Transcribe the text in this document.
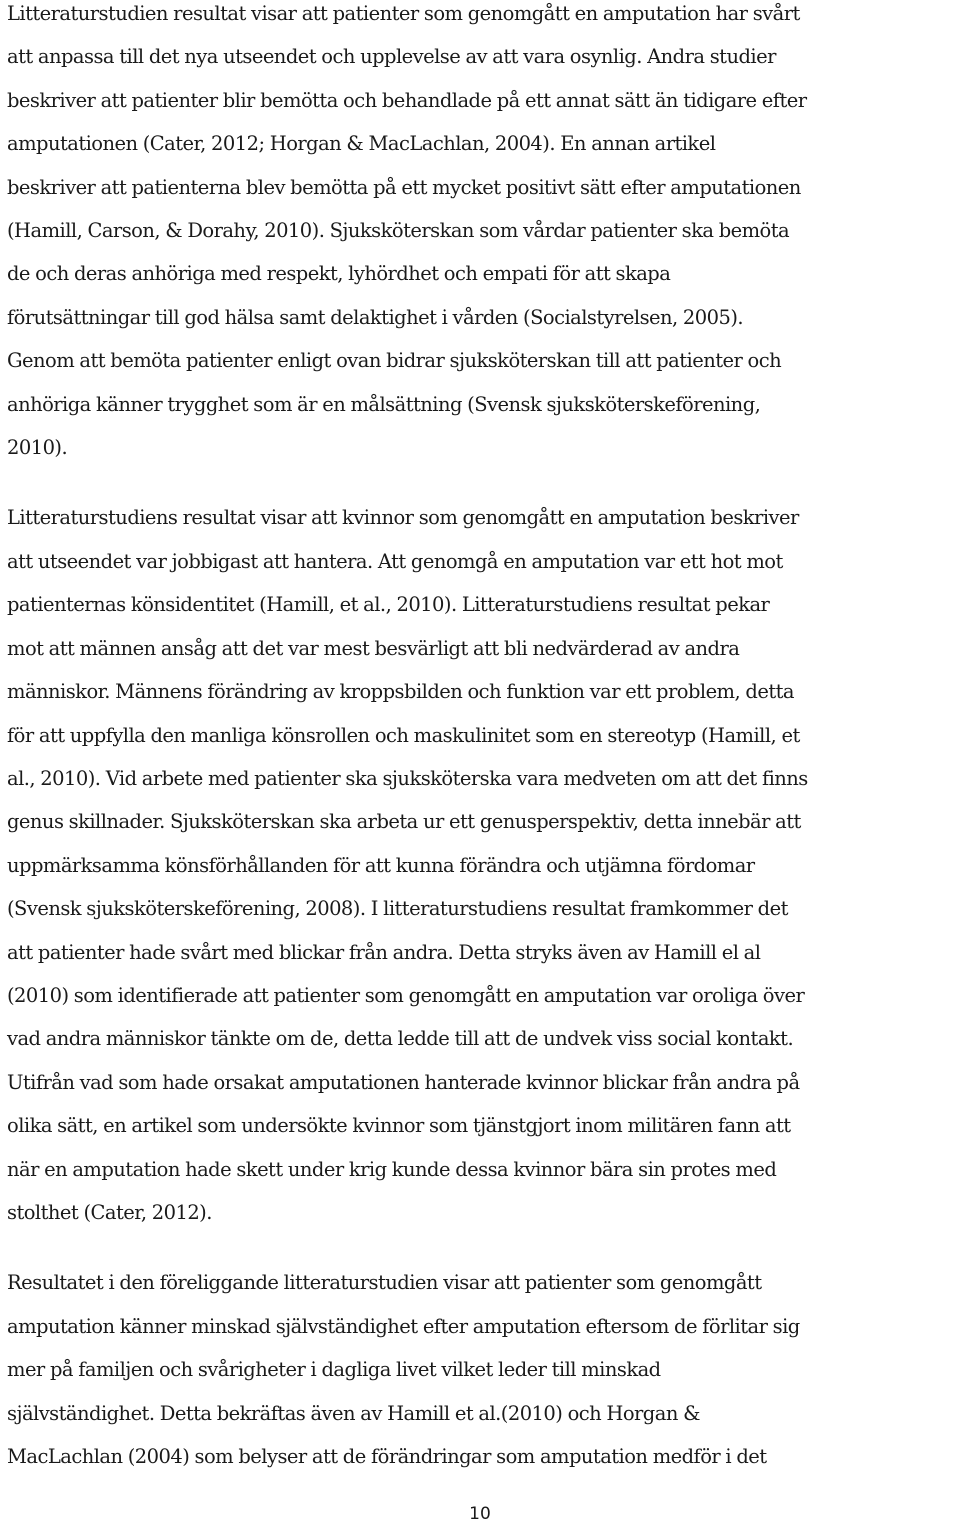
Litteraturstudien resultat visar att patienter som genomgått en amputation har svårt
att anpassa till det nya utseendet och upplevelse av att vara osynlig. Andra studier
beskriver att patienter blir bemötta och behandlade på ett annat sätt än tidigare efter
amputationen (Cater, 2012; Horgan & MacLachlan, 2004). En annan artikel
beskriver att patienterna blev bemötta på ett mycket positivt sätt efter amputationen
(Hamill, Carson, & Dorahy, 2010). Sjuksköterskan som vårdar patienter ska bemöta
de och deras anhöriga med respekt, lyhördhet och empati för att skapa
förutsättningar till god hälsa samt delaktighet i vården (Socialstyrelsen, 2005).
Genom att bemöta patienter enligt ovan bidrar sjuksköterskan till att patienter och
anhöriga känner trygghet som är en målsättning (Svensk sjuksköterskeförening,
2010).

Litteraturstudiens resultat visar att kvinnor som genomgått en amputation beskriver
att utseendet var jobbigast att hantera. Att genomgå en amputation var ett hot mot
patienternas könsidentitet (Hamill, et al., 2010). Litteraturstudiens resultat pekar
mot att männen ansåg att det var mest besvärligt att bli nedvärderad av andra
människor. Männens förändring av kroppsbilden och funktion var ett problem, detta
för att uppfylla den manliga könsrollen och maskulinitet som en stereotyp (Hamill, et
al., 2010). Vid arbete med patienter ska sjuksköterska vara medveten om att det finns
genus skillnader. Sjuksköterskan ska arbeta ur ett genusperspektiv, detta innebär att
uppmärksamma könsförhållanden för att kunna förändra och utjämna fördomar
(Svensk sjuksköterskeförening, 2008). I litteraturstudiens resultat framkommer det
att patienter hade svårt med blickar från andra. Detta stryks även av Hamill el al
(2010) som identifierade att patienter som genomgått en amputation var oroliga över
vad andra människor tänkte om de, detta ledde till att de undvek viss social kontakt.
Utifrån vad som hade orsakat amputationen hanterade kvinnor blickar från andra på
olika sätt, en artikel som undersökte kvinnor som tjänstgjort inom militären fann att
när en amputation hade skett under krig kunde dessa kvinnor bära sin protes med
stolthet (Cater, 2012).

Resultatet i den föreliggande litteraturstudien visar att patienter som genomgått
amputation känner minskad självständighet efter amputation eftersom de förlitar sig
mer på familjen och svårigheter i dagliga livet vilket leder till minskad
självständighet. Detta bekräftas även av Hamill et al.(2010) och Horgan &
MacLachlan (2004) som belyser att de förändringar som amputation medför i det

10
